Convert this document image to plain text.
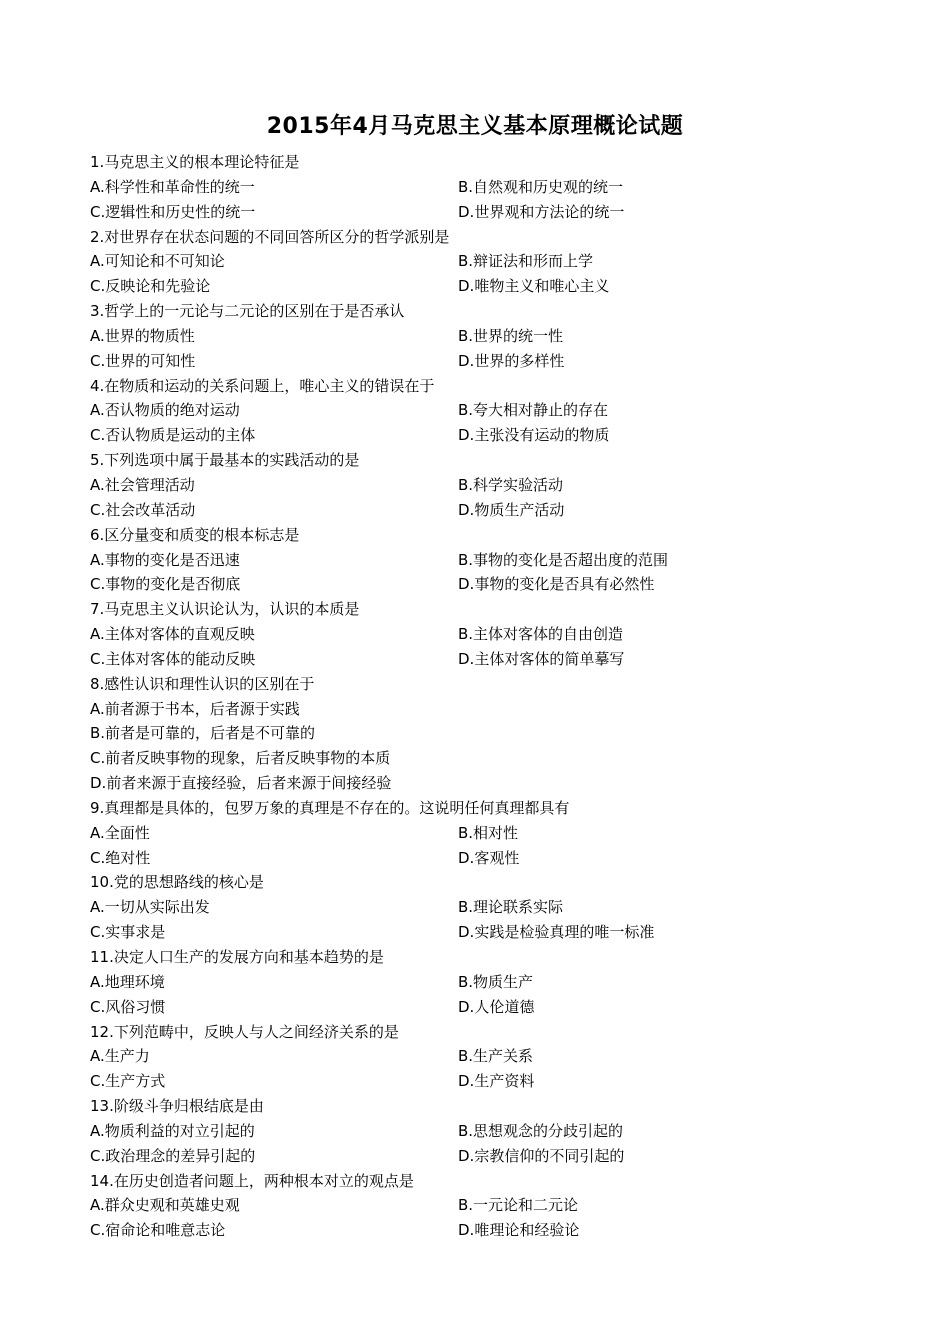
2015年4月马克思主义基本原理概论试题
1.马克思主义的根本理论特征是
A.科学性和革命性的统一	B.自然观和历史观的统一
C.逻辑性和历史性的统一	D.世界观和方法论的统一
2.对世界存在状态问题的不同回答所区分的哲学派别是
A.可知论和不可知论	B.辩证法和形而上学
C.反映论和先验论	D.唯物主义和唯心主义
3.哲学上的一元论与二元论的区别在于是否承认
A.世界的物质性	B.世界的统一性
C.世界的可知性	D.世界的多样性
4.在物质和运动的关系问题上，唯心主义的错误在于
A.否认物质的绝对运动	B.夸大相对静止的存在
C.否认物质是运动的主体	D.主张没有运动的物质
5.下列选项中属于最基本的实践活动的是
A.社会管理活动	B.科学实验活动
C.社会改革活动	D.物质生产活动
6.区分量变和质变的根本标志是
A.事物的变化是否迅速	B.事物的变化是否超出度的范围
C.事物的变化是否彻底	D.事物的变化是否具有必然性
7.马克思主义认识论认为，认识的本质是
A.主体对客体的直观反映	B.主体对客体的自由创造
C.主体对客体的能动反映	D.主体对客体的简单摹写
8.感性认识和理性认识的区别在于
A.前者源于书本，后者源于实践
B.前者是可靠的，后者是不可靠的
C.前者反映事物的现象，后者反映事物的本质
D.前者来源于直接经验，后者来源于间接经验
9.真理都是具体的，包罗万象的真理是不存在的。这说明任何真理都具有
A.全面性	B.相对性
C.绝对性	D.客观性
10.党的思想路线的核心是
A.一切从实际出发	B.理论联系实际
C.实事求是	D.实践是检验真理的唯一标准
11.决定人口生产的发展方向和基本趋势的是
A.地理环境	B.物质生产
C.风俗习惯	D.人伦道德
12.下列范畴中，反映人与人之间经济关系的是
A.生产力	B.生产关系
C.生产方式	D.生产资料
13.阶级斗争归根结底是由
A.物质利益的对立引起的	B.思想观念的分歧引起的
C.政治理念的差异引起的	D.宗教信仰的不同引起的
14.在历史创造者问题上，两种根本对立的观点是
A.群众史观和英雄史观	B.一元论和二元论
C.宿命论和唯意志论	D.唯理论和经验论
